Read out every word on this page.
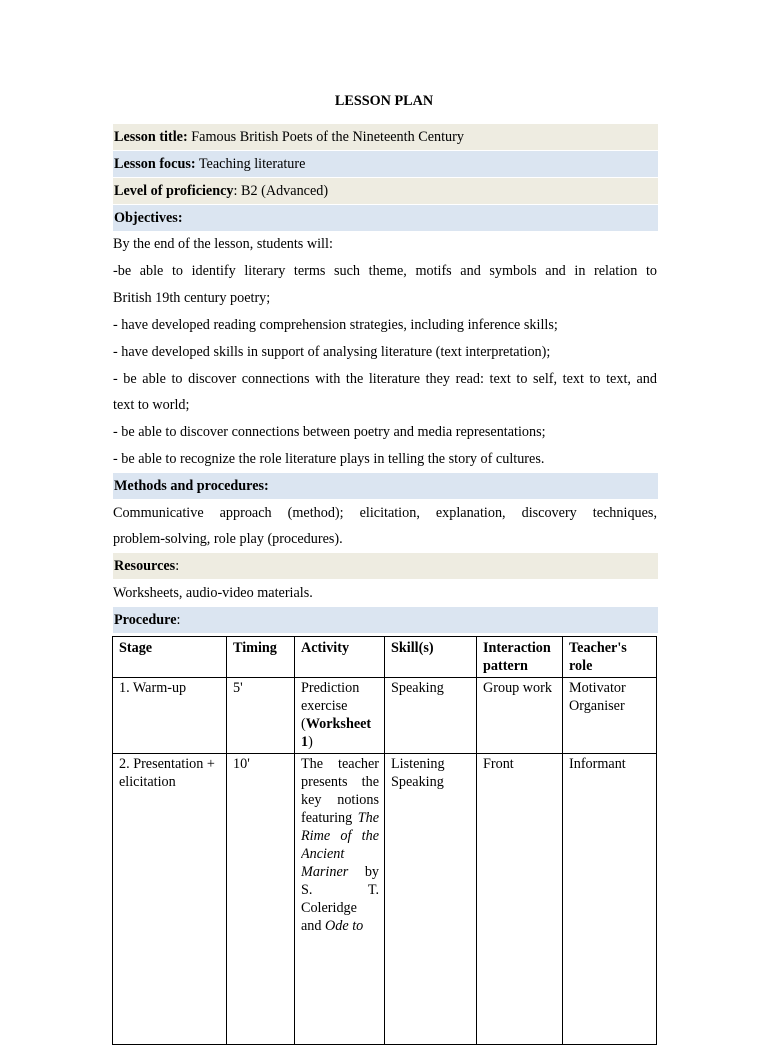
LESSON PLAN
Lesson title: Famous British Poets of the Nineteenth Century
Lesson focus: Teaching literature
Level of proficiency: B2 (Advanced)
Objectives:
By the end of the lesson, students will:
-be able to identify literary terms such theme, motifs and symbols and in relation to
British 19th century poetry;
- have developed reading comprehension strategies, including inference skills;
- have developed skills in support of analysing literature (text interpretation);
- be able to discover connections with the literature they read: text to self, text to text, and
text to world;
- be able to discover connections between poetry and media representations;
- be able to recognize the role literature plays in telling the story of cultures.
Methods and procedures:
Communicative approach (method); elicitation, explanation, discovery techniques,
problem-solving, role play (procedures).
Resources:
Worksheets, audio-video materials.
Procedure:
Stage	Timing	Activity	Skill(s)	Interaction pattern	Teacher's role
1. Warm-up	5'	Prediction exercise (Worksheet 1)	Speaking	Group work	Motivator
Organiser

2. Presentation + elicitation	10'	The teacher presents the key notions featuring The Rime of the Ancient Mariner by S. T. Coleridge and Ode to	Listening
Speaking	Front	Informant
